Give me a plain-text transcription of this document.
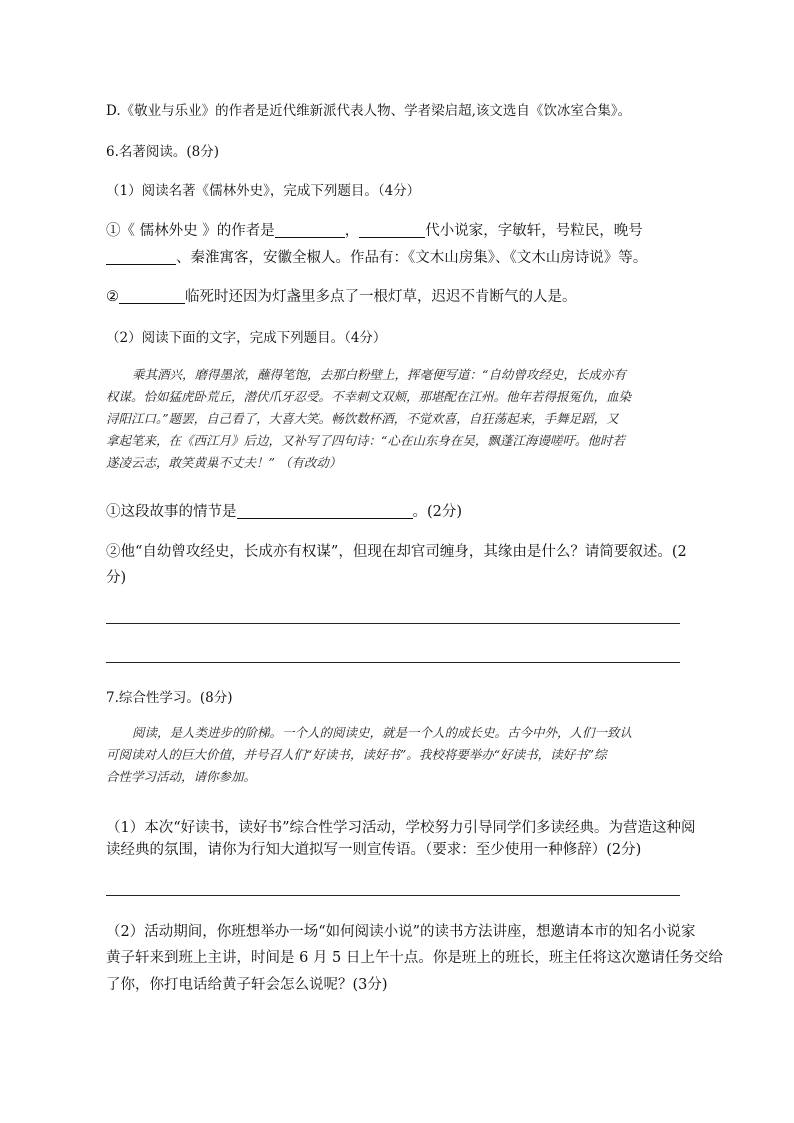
D.《敬业与乐业》的作者是近代维新派代表人物、学者梁启超,该文选自《饮冰室合集》。
6.名著阅读。(8分)
（1）阅读名著《儒林外史》，完成下列题目。（4分）
①《 儒林外史 》的作者是	，	代小说家，字敏轩，号粒民，晚号
、秦淮寓客，安徽全椒人。作品有：《文木山房集》、《文木山房诗说》等。
②	临死时还因为灯盏里多点了一根灯草，迟迟不肯断气的人是。
（2）阅读下面的文字，完成下列题目。（4分）

乘其酒兴，磨得墨浓，蘸得笔饱，去那白粉壁上，挥毫便写道：“自幼曾攻经史，长成亦有

权谋。恰如猛虎卧荒丘，潜伏爪牙忍受。不幸刺文双颊，那堪配在江州。他年若得报冤仇，血染

浔阳江口。”题罢，自己看了，大喜大笑。畅饮数杯酒，不觉欢喜，自狂荡起来，手舞足蹈，又

拿起笔来，在《西江月》后边，又补写了四句诗：“心在山东身在吴，飘蓬江海谩嗟吁。他时若

遂凌云志，敢笑黄巢不丈夫！” （有改动）

①这段故事的情节是	。(2分)
②他“自幼曾攻经史，长成亦有权谋”，但现在却官司缠身，其缘由是什么？请简要叙述。(2
分)
7.综合性学习。(8分)

阅读，是人类进步的阶梯。一个人的阅读史，就是一个人的成长史。古今中外，人们一致认

可阅读对人的巨大价值，并号召人们“好读书，读好书”。我校将要举办“好读书，读好书”综

合性学习活动，请你参加。

（1）本次“好读书，读好书”综合性学习活动，学校努力引导同学们多读经典。为营造这种阅
读经典的氛围，请你为行知大道拟写一则宣传语。（要求：至少使用一种修辞）(2分)
（2）活动期间，你班想举办一场“如何阅读小说”的读书方法讲座，想邀请本市的知名小说家
黄子轩来到班上主讲，时间是 6 月 5 日上午十点。你是班上的班长，班主任将这次邀请任务交给
了你，你打电话给黄子轩会怎么说呢？(3分)
